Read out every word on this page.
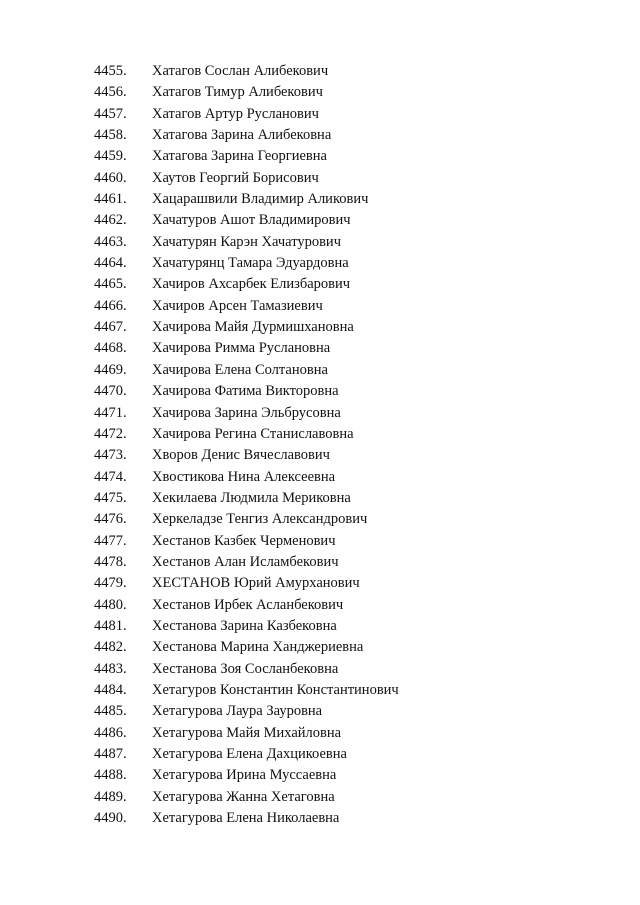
4455. Хатагов Сослан Алибекович
4456. Хатагов Тимур Алибекович
4457. Хатагов Артур Русланович
4458. Хатагова Зарина Алибековна
4459. Хатагова Зарина Георгиевна
4460. Хаутов Георгий Борисович
4461. Хацарашвили Владимир Аликович
4462. Хачатуров Ашот Владимирович
4463. Хачатурян Карэн Хачатурович
4464. Хачатурянц Тамара Эдуардовна
4465. Хачиров Ахсарбек Елизбарович
4466. Хачиров Арсен Тамазиевич
4467. Хачирова Майя Дурмишхановна
4468. Хачирова Римма Руслановна
4469. Хачирова Елена Солтановна
4470. Хачирова Фатима Викторовна
4471. Хачирова Зарина Эльбрусовна
4472. Хачирова Регина Станиславовна
4473. Хворов Денис Вячеславович
4474. Хвостикова Нина Алексеевна
4475. Хекилаева Людмила Мериковна
4476. Херкеладзе Тенгиз Александрович
4477. Хестанов Казбек Черменович
4478. Хестанов Алан Исламбекович
4479. ХЕСТАНОВ Юрий Амурханович
4480. Хестанов Ирбек Асланбекович
4481. Хестанова Зарина Казбековна
4482. Хестанова Марина Ханджериевна
4483. Хестанова Зоя Сосланбековна
4484. Хетагуров Константин Константинович
4485. Хетагурова Лаура Зауровна
4486. Хетагурова Майя Михайловна
4487. Хетагурова Елена Дахцикоевна
4488. Хетагурова Ирина Муссаевна
4489. Хетагурова Жанна Хетаговна
4490. Хетагурова Елена Николаевна
